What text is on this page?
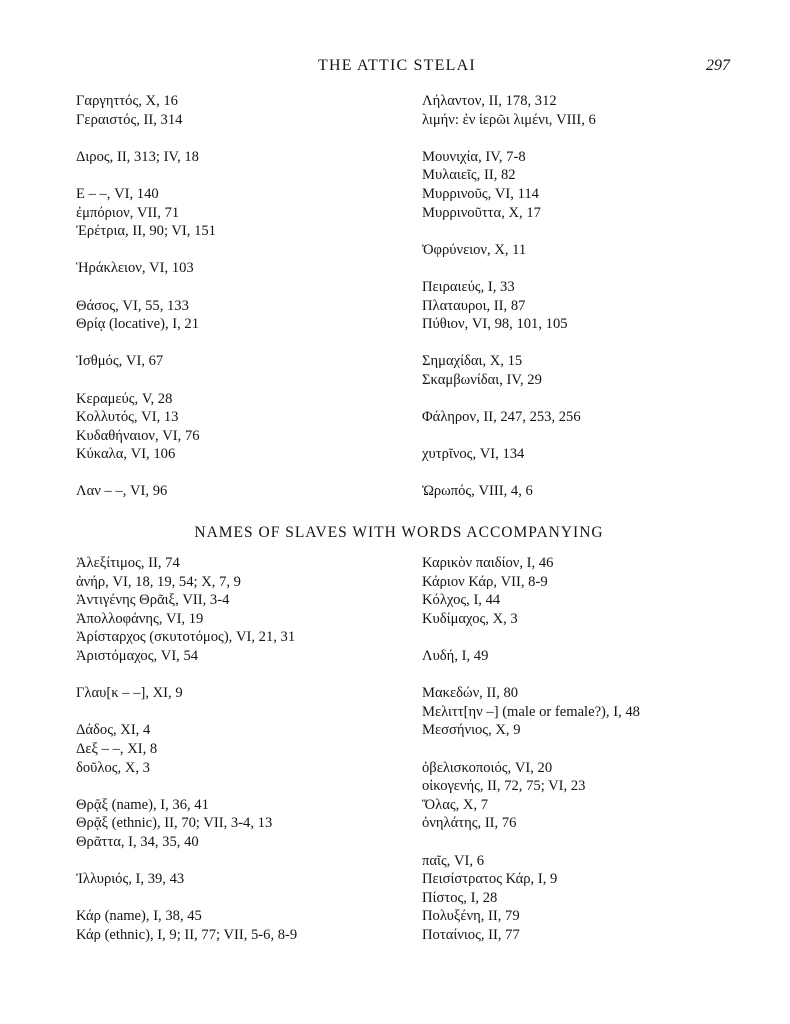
THE ATTIC STELAI	297
Γαργηττός, X, 16
Γεραιστός, II, 314
Διρος, II, 313; IV, 18
Ε – –, VI, 140
ἐμπόριον, VII, 71
Ἐρέτρια, II, 90; VI, 151
Ἡράκλειον, VI, 103
Θάσος, VI, 55, 133
Θρίᾳ (locative), I, 21
Ἰσθμός, VI, 67
Κεραμεύς, V, 28
Κολλυτός, VI, 13
Κυδαθήναιον, VI, 76
Κύκαλα, VI, 106
Λαν – –, VI, 96
Λήλαντον, II, 178, 312
λιμήν: ἐν ἱερῶι λιμένι, VIII, 6
Μουνιχία, IV, 7-8
Μυλαιεῖς, II, 82
Μυρρινοῦς, VI, 114
Μυρρινοῦττα, X, 17
Ὀφρύνειον, X, 11
Πειραιεύς, I, 33
Πλαταυροι, II, 87
Πύθιον, VI, 98, 101, 105
Σημαχίδαι, X, 15
Σκαμβωνίδαι, IV, 29
Φάληρον, II, 247, 253, 256
χυτρῖνος, VI, 134
Ὠρωπός, VIII, 4, 6
NAMES OF SLAVES WITH WORDS ACCOMPANYING
Ἀλεξίτιμος, II, 74
ἀνήρ, VI, 18, 19, 54; X, 7, 9
Ἀντιγένης Θρᾶιξ, VII, 3-4
Ἀπολλοφάνης, VI, 19
Ἀρίσταρχος (σκυτοτόμος), VI, 21, 31
Ἀριστόμαχος, VI, 54
Γλαυ[κ – –], XI, 9
Δάδος, XI, 4
Δεξ – –, XI, 8
δοῦλος, X, 3
Θρᾷξ (name), I, 36, 41
Θρᾷξ (ethnic), II, 70; VII, 3-4, 13
Θρᾶττα, I, 34, 35, 40
Ἰλλυριός, I, 39, 43
Κάρ (name), I, 38, 45
Κάρ (ethnic), I, 9; II, 77; VII, 5-6, 8-9
Καρικὸν παιδίον, I, 46
Κάριον Κάρ, VII, 8-9
Κόλχος, I, 44
Κυδίμαχος, X, 3
Λυδή, I, 49
Μακεδών, II, 80
Μελιττ[ην –] (male or female?), I, 48
Μεσσήνιος, X, 9
ὀβελισκοποιός, VI, 20
οἰκογενής, II, 72, 75; VI, 23
Ὅλας, X, 7
ὀνηλάτης, II, 76
παῖς, VI, 6
Πεισίστρατος Κάρ, I, 9
Πίστος, I, 28
Πολυξένη, II, 79
Ποταίνιος, II, 77
